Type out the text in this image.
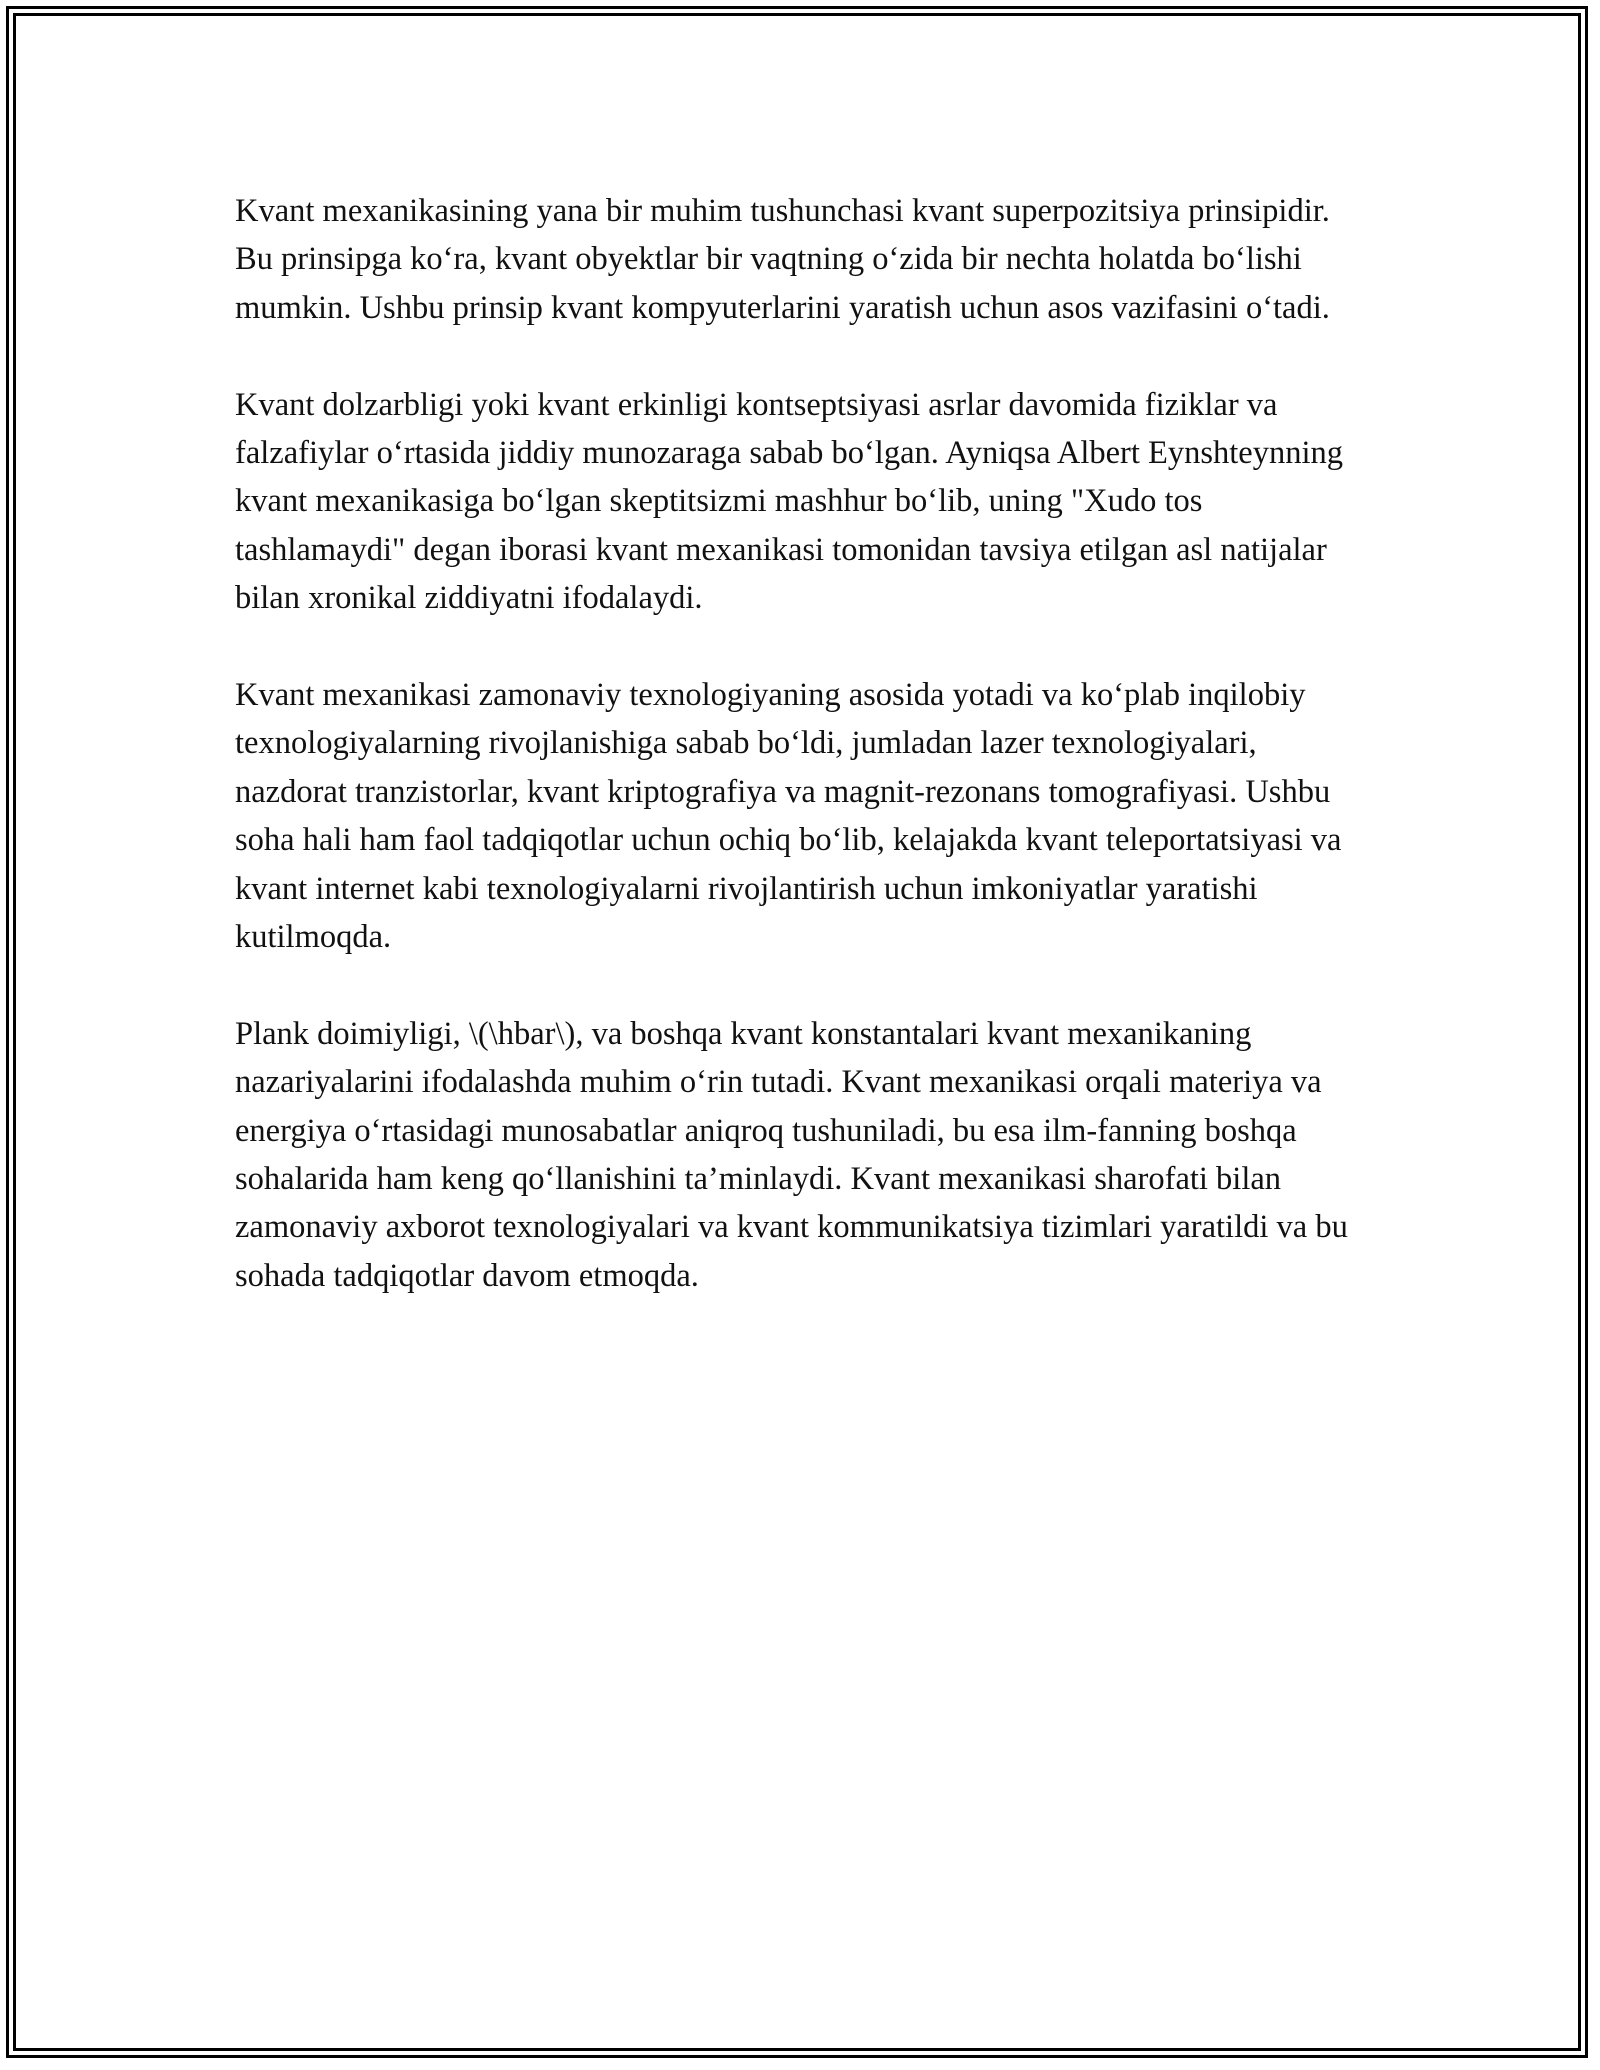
Kvant mexanikasining yana bir muhim tushunchasi kvant superpozitsiya prinsipidir. Bu prinsipga koʻra, kvant obyektlar bir vaqtning oʻzida bir nechta holatda boʻlishi mumkin. Ushbu prinsip kvant kompyuterlarini yaratish uchun asos vazifasini oʻtadi.

Kvant dolzarbligi yoki kvant erkinligi kontseptsiyasi asrlar davomida fiziklar va falzafiylar oʻrtasida jiddiy munozaraga sabab boʻlgan. Ayniqsa Albert Eynshteynning kvant mexanikasiga boʻlgan skeptitsizmi mashhur boʻlib, uning "Xudo tos tashlamaydi" degan iborasi kvant mexanikasi tomonidan tavsiya etilgan asl natijalar bilan xronikal ziddiyatni ifodalaydi.

Kvant mexanikasi zamonaviy texnologiyaning asosida yotadi va koʻplab inqilobiy texnologiyalarning rivojlanishiga sabab boʻldi, jumladan lazer texnologiyalari, nazdorat tranzistorlar, kvant kriptografiya va magnit-rezonans tomografiyasi. Ushbu soha hali ham faol tadqiqotlar uchun ochiq boʻlib, kelajakda kvant teleportatsiyasi va kvant internet kabi texnologiyalarni rivojlantirish uchun imkoniyatlar yaratishi kutilmoqda.

Plank doimiyligi, \(\hbar\), va boshqa kvant konstantalari kvant mexanikaning nazariyalarini ifodalashda muhim oʻrin tutadi. Kvant mexanikasi orqali materiya va energiya oʻrtasidagi munosabatlar aniqroq tushuniladi, bu esa ilm-fanning boshqa sohalarida ham keng qoʻllanishini ta’minlaydi. Kvant mexanikasi sharofati bilan zamonaviy axborot texnologiyalari va kvant kommunikatsiya tizimlari yaratildi va bu sohada tadqiqotlar davom etmoqda.
